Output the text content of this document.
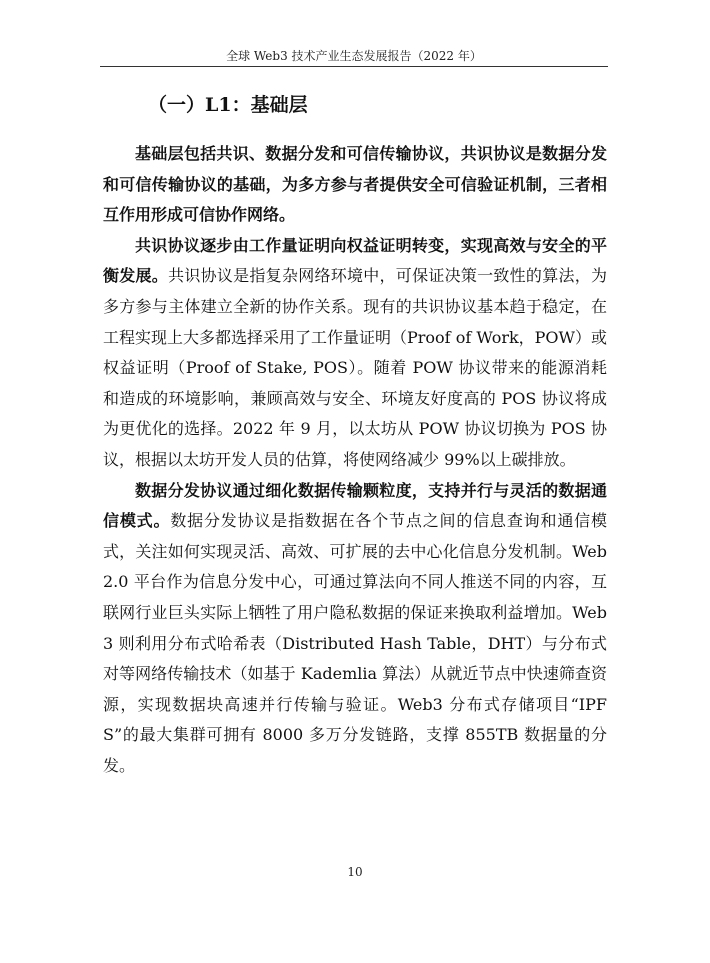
全球 Web3 技术产业生态发展报告（2022 年）
（一）L1：基础层

基础层包括共识、数据分发和可信传输协议，共识协议是数据分发和可信传输协议的基础，为多方参与者提供安全可信验证机制，三者相互作用形成可信协作网络。

共识协议逐步由工作量证明向权益证明转变，实现高效与安全的平衡发展。共识协议是指复杂网络环境中，可保证决策一致性的算法，为多方参与主体建立全新的协作关系。现有的共识协议基本趋于稳定，在工程实现上大多都选择采用了工作量证明（Proof of Work，POW）或权益证明（Proof of Stake, POS）。随着 POW 协议带来的能源消耗和造成的环境影响，兼顾高效与安全、环境友好度高的 POS 协议将成为更优化的选择。2022 年 9 月，以太坊从 POW 协议切换为 POS 协议，根据以太坊开发人员的估算，将使网络减少 99%以上碳排放。

数据分发协议通过细化数据传输颗粒度，支持并行与灵活的数据通信模式。数据分发协议是指数据在各个节点之间的信息查询和通信模式，关注如何实现灵活、高效、可扩展的去中心化信息分发机制。Web2.0 平台作为信息分发中心，可通过算法向不同人推送不同的内容，互联网行业巨头实际上牺牲了用户隐私数据的保证来换取利益增加。Web3 则利用分布式哈希表（Distributed Hash Table，DHT）与分布式对等网络传输技术（如基于 Kademlia 算法）从就近节点中快速筛查资源，实现数据块高速并行传输与验证。Web3 分布式存储项目“IPFS”的最大集群可拥有 8000 多万分发链路，支撑 855TB 数据量的分发。

10
